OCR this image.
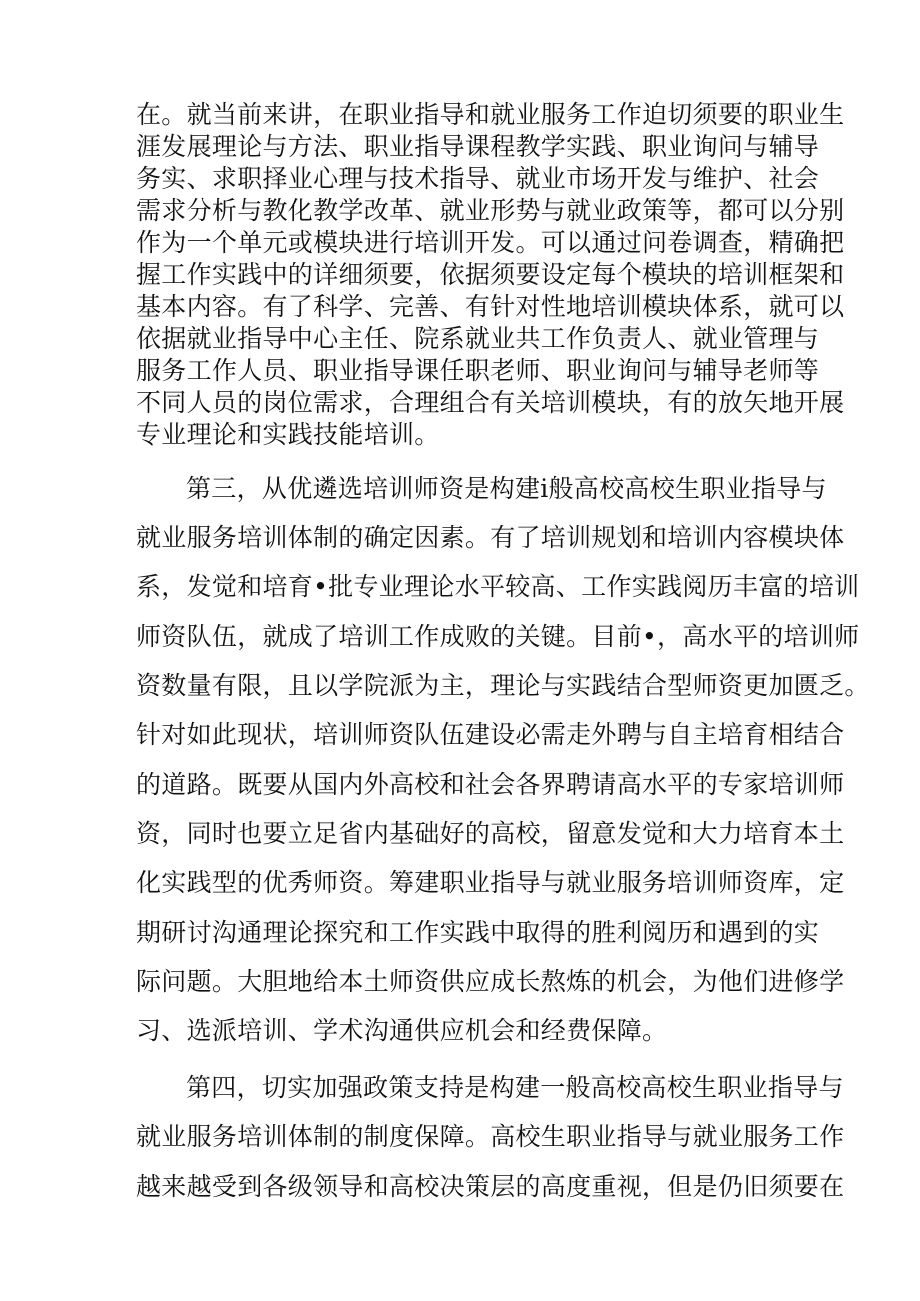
在。就当前来讲，在职业指导和就业服务工作迫切须要的职业生
涯发展理论与方法、职业指导课程教学实践、职业询问与辅导
务实、求职择业心理与技术指导、就业市场开发与维护、社会
需求分析与教化教学改革、就业形势与就业政策等，都可以分别
作为一个单元或模块进行培训开发。可以通过问卷调查，精确把
握工作实践中的详细须要，依据须要设定每个模块的培训框架和
基本内容。有了科学、完善、有针对性地培训模块体系，就可以
依据就业指导中心主任、院系就业共工作负责人、就业管理与
服务工作人员、职业指导课任职老师、职业询问与辅导老师等
不同人员的岗位需求，合理组合有关培训模块，有的放矢地开展
专业理论和实践技能培训。
第三，从优遴选培训师资是构建i般高校高校生职业指导与
就业服务培训体制的确定因素。有了培训规划和培训内容模块体
系，发觉和培育•批专业理论水平较高、工作实践阅历丰富的培训
师资队伍，就成了培训工作成败的关键。目前•，高水平的培训师
资数量有限，且以学院派为主，理论与实践结合型师资更加匮乏。
针对如此现状，培训师资队伍建设必需走外聘与自主培育相结合
的道路。既要从国内外高校和社会各界聘请高水平的专家培训师
资，同时也要立足省内基础好的高校，留意发觉和大力培育本土
化实践型的优秀师资。筹建职业指导与就业服务培训师资库，定
期研讨沟通理论探究和工作实践中取得的胜利阅历和遇到的实
际问题。大胆地给本土师资供应成长熬炼的机会，为他们进修学
习、选派培训、学术沟通供应机会和经费保障。
第四，切实加强政策支持是构建一般高校高校生职业指导与
就业服务培训体制的制度保障。高校生职业指导与就业服务工作
越来越受到各级领导和高校决策层的高度重视，但是仍旧须要在
